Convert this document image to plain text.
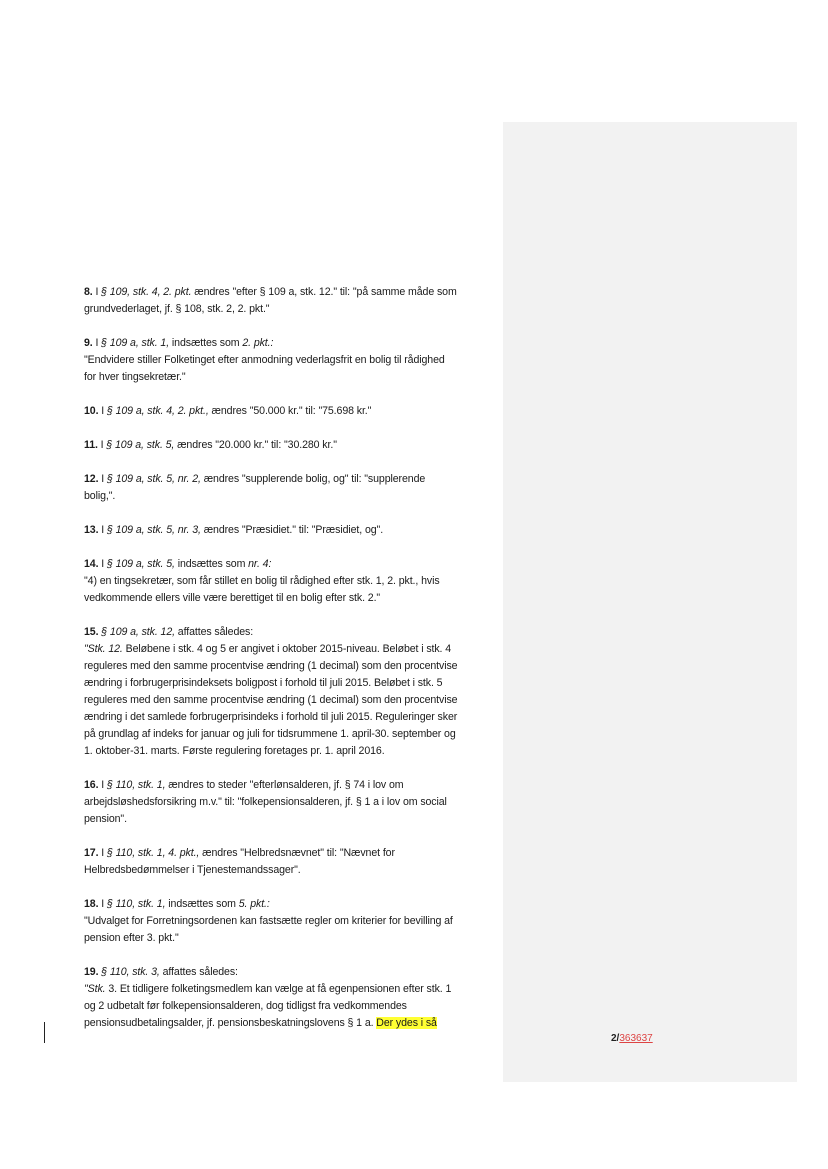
8. I § 109, stk. 4, 2. pkt. ændres "efter § 109 a, stk. 12." til: "på samme måde som
grundvederlaget, jf. § 108, stk. 2, 2. pkt."
9. I § 109 a, stk. 1, indsættes som 2. pkt.:
"Endvidere stiller Folketinget efter anmodning vederlagsfrit en bolig til rådighed
for hver tingsekretær."
10. I § 109 a, stk. 4, 2. pkt., ændres "50.000 kr." til: "75.698 kr."
11. I § 109 a, stk. 5, ændres "20.000 kr." til: "30.280 kr."
12. I § 109 a, stk. 5, nr. 2, ændres "supplerende bolig, og" til: "supplerende
bolig,".
13. I § 109 a, stk. 5, nr. 3, ændres "Præsidiet." til: "Præsidiet, og".
14. I § 109 a, stk. 5, indsættes som nr. 4:
"4) en tingsekretær, som får stillet en bolig til rådighed efter stk. 1, 2. pkt., hvis
vedkommende ellers ville være berettiget til en bolig efter stk. 2."
15. § 109 a, stk. 12, affattes således:
"Stk. 12. Beløbene i stk. 4 og 5 er angivet i oktober 2015-niveau. Beløbet i stk. 4
reguleres med den samme procentvise ændring (1 decimal) som den procentvise
ændring i forbrugerprisindeksets boligpost i forhold til juli 2015. Beløbet i stk. 5
reguleres med den samme procentvise ændring (1 decimal) som den procentvise
ændring i det samlede forbrugerprisindeks i forhold til juli 2015. Reguleringer sker
på grundlag af indeks for januar og juli for tidsrummene 1. april-30. september og
1. oktober-31. marts. Første regulering foretages pr. 1. april 2016.
16. I § 110, stk. 1, ændres to steder "efterlønsalderen, jf. § 74 i lov om
arbejdsløshedsforsikring m.v." til: "folkepensionsalderen, jf. § 1 a i lov om social
pension".
17. I § 110, stk. 1, 4. pkt., ændres "Helbredsnævnet" til: "Nævnet for
Helbredsbedømmelser i Tjenestemandssager".
18. I § 110, stk. 1, indsættes som 5. pkt.:
"Udvalget for Forretningsordenen kan fastsætte regler om kriterier for bevilling af
pension efter 3. pkt."
19. § 110, stk. 3, affattes således:
"Stk. 3. Et tidligere folketingsmedlem kan vælge at få egenpensionen efter stk. 1
og 2 udbetalt før folkepensionsalderen, dog tidligst fra vedkommendes
pensionsudbetalingsalder, jf. pensionsbeskatningslovens § 1 a. Der ydes i så
2/363637
